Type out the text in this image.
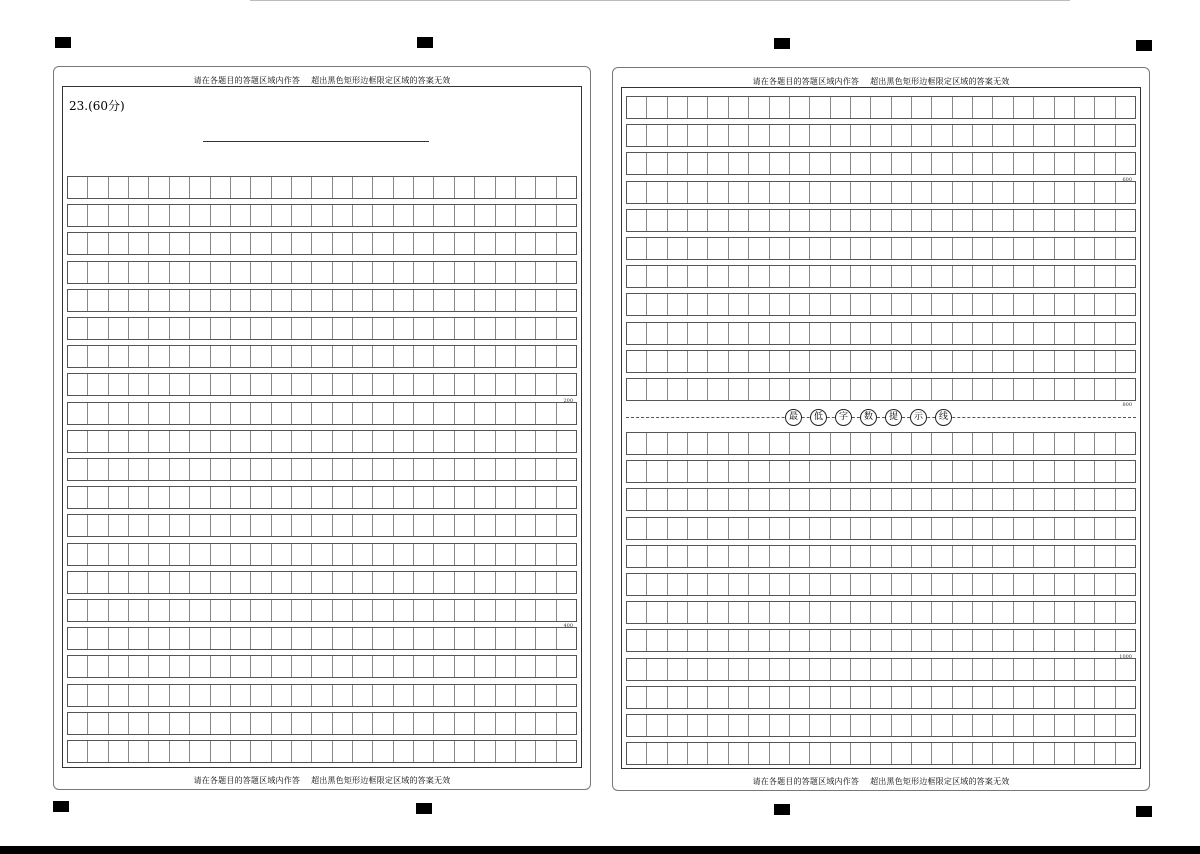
请在各题目的答题区域内作答    超出黑色矩形边框限定区域的答案无效
23.(60分)
200
400
请在各题目的答题区域内作答    超出黑色矩形边框限定区域的答案无效
请在各题目的答题区域内作答    超出黑色矩形边框限定区域的答案无效
最	低	字	数	提	示	线
600
800
1000
请在各题目的答题区域内作答    超出黑色矩形边框限定区域的答案无效
